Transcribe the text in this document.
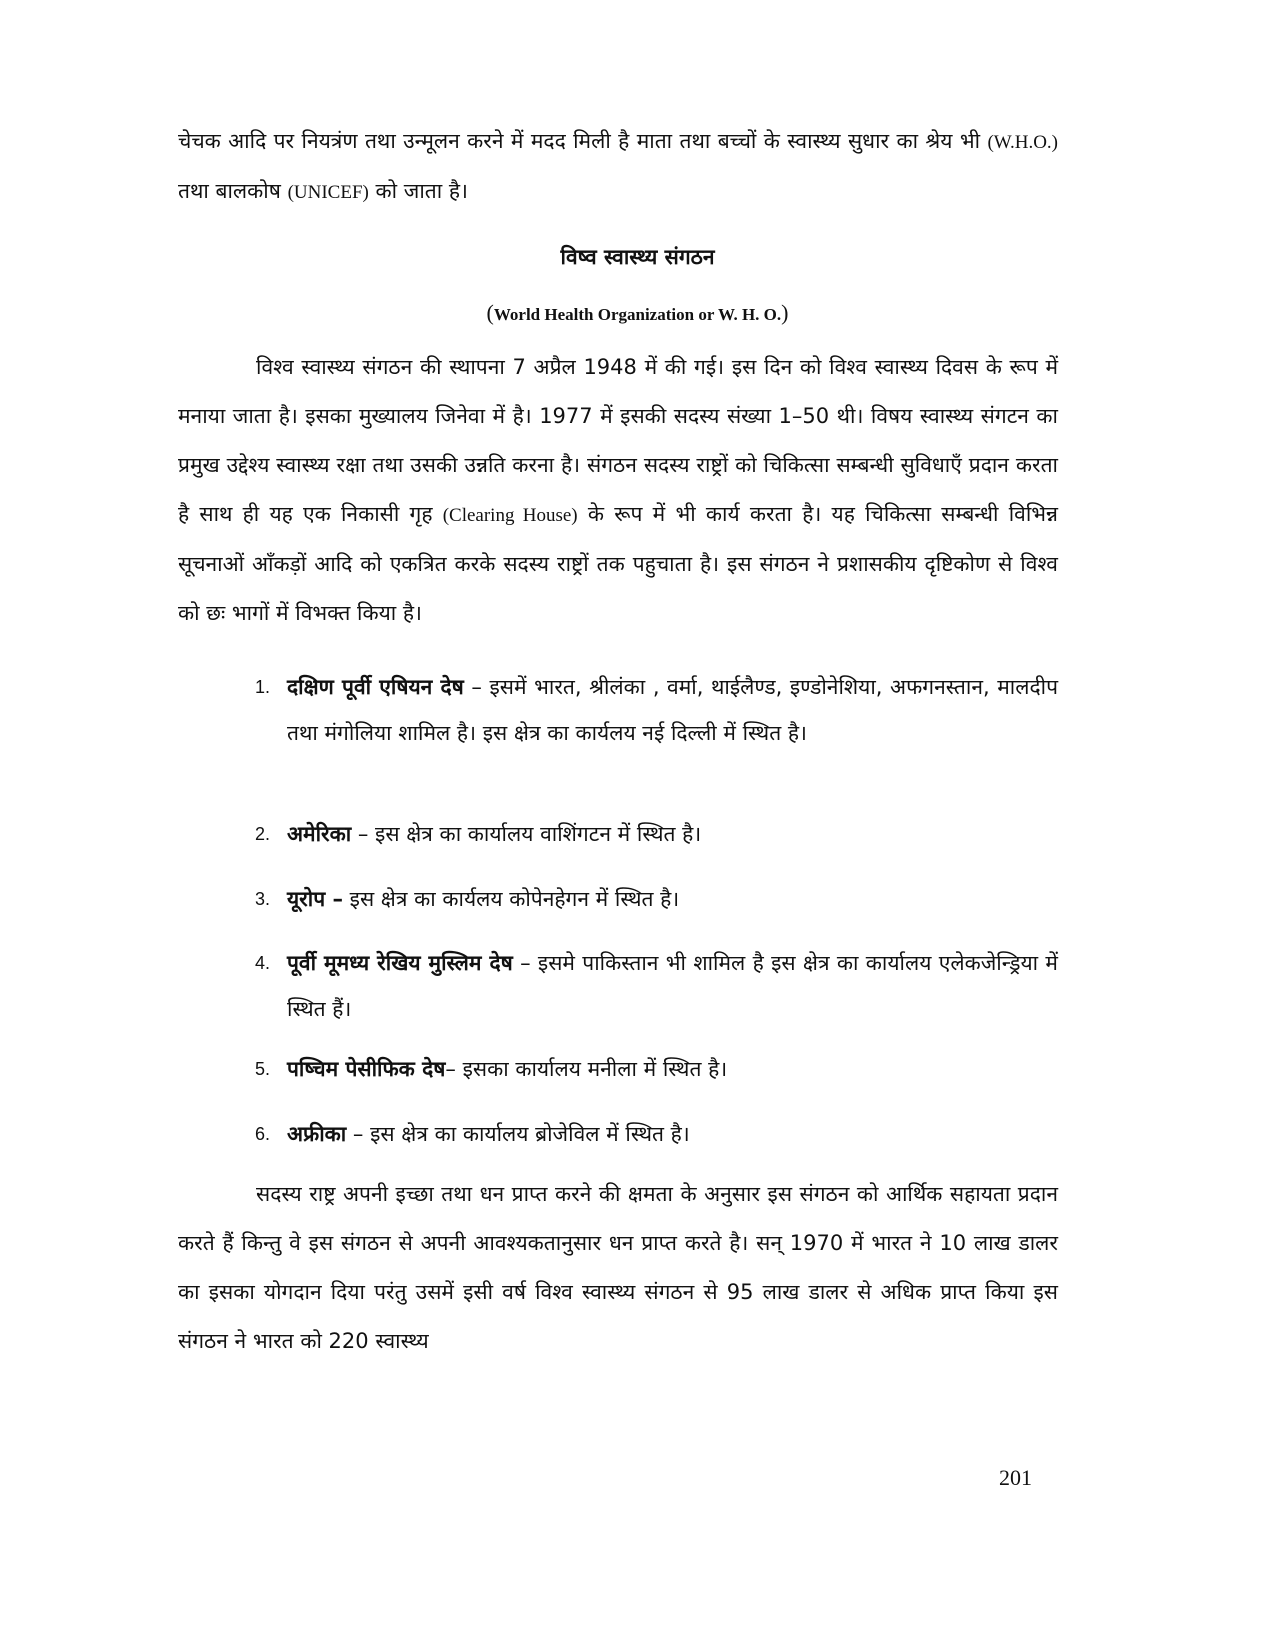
चेचक आदि पर नियत्रंण तथा उन्मूलन करने में मदद मिली है माता तथा बच्चों के स्वास्थ्य सुधार का श्रेय भी (W.H.O.) तथा बालकोष (UNICEF) को जाता है।

विष्व स्वास्थ्य संगठन
(World Health Organization or W. H. O.)

विश्व स्वास्थ्य संगठन की स्थापना 7 अप्रैल 1948 में की गई। इस दिन को विश्व स्वास्थ्य दिवस के रूप में मनाया जाता है। इसका मुख्यालय जिनेवा में है। 1977 में इसकी सदस्य संख्या 1–50 थी। विषय स्वास्थ्य संगटन का प्रमुख उद्देश्य स्वास्थ्य रक्षा तथा उसकी उन्नति करना है। संगठन सदस्य राष्ट्रों को चिकित्सा सम्बन्धी सुविधाएँ प्रदान करता है साथ ही यह एक निकासी गृह (Clearing House) के रूप में भी कार्य करता है। यह चिकित्सा सम्बन्धी विभिन्न सूचनाओं ऑंकड़ों आदि को एकत्रित करके सदस्य राष्ट्रों तक पहुचाता है। इस संगठन ने प्रशासकीय दृष्टिकोण से विश्व को छः भागों में विभक्त किया है।

1. दक्षिण पूर्वी एषियन देष – इसमें भारत, श्रीलंका , वर्मा, थाईलैण्ड, इण्डोनेशिया, अफगनस्तान, मालदीप तथा मंगोलिया शामिल है। इस क्षेत्र का कार्यलय नई दिल्ली में स्थित है।
2. अमेरिका – इस क्षेत्र का कार्यालय वाशिंगटन में स्थित है।
3. यूरोप – इस क्षेत्र का कार्यलय कोपेनहेगन में स्थित है।
4. पूर्वी मूमध्य रेखिय मुस्लिम देष – इसमे पाकिस्तान भी शामिल है इस क्षेत्र का कार्यालय एलेकजेन्ड्रिया में स्थित हैं।
5. पष्चिम पेसीफिक देष– इसका कार्यालय मनीला में स्थित है।
6. अफ्रीका – इस क्षेत्र का कार्यालय ब्रोजेविल में स्थित है।

सदस्य राष्ट्र अपनी इच्छा तथा धन प्राप्त करने की क्षमता के अनुसार इस संगठन को आर्थिक सहायता प्रदान करते हैं किन्तु वे इस संगठन से अपनी आवश्यकतानुसार धन प्राप्त करते है। सन् 1970 में भारत ने 10 लाख डालर का इसका योगदान दिया परंतु उसमें इसी वर्ष विश्व स्वास्थ्य संगठन से 95 लाख डालर से अधिक प्राप्त किया इस संगठन ने भारत को 220 स्वास्थ्य

201
